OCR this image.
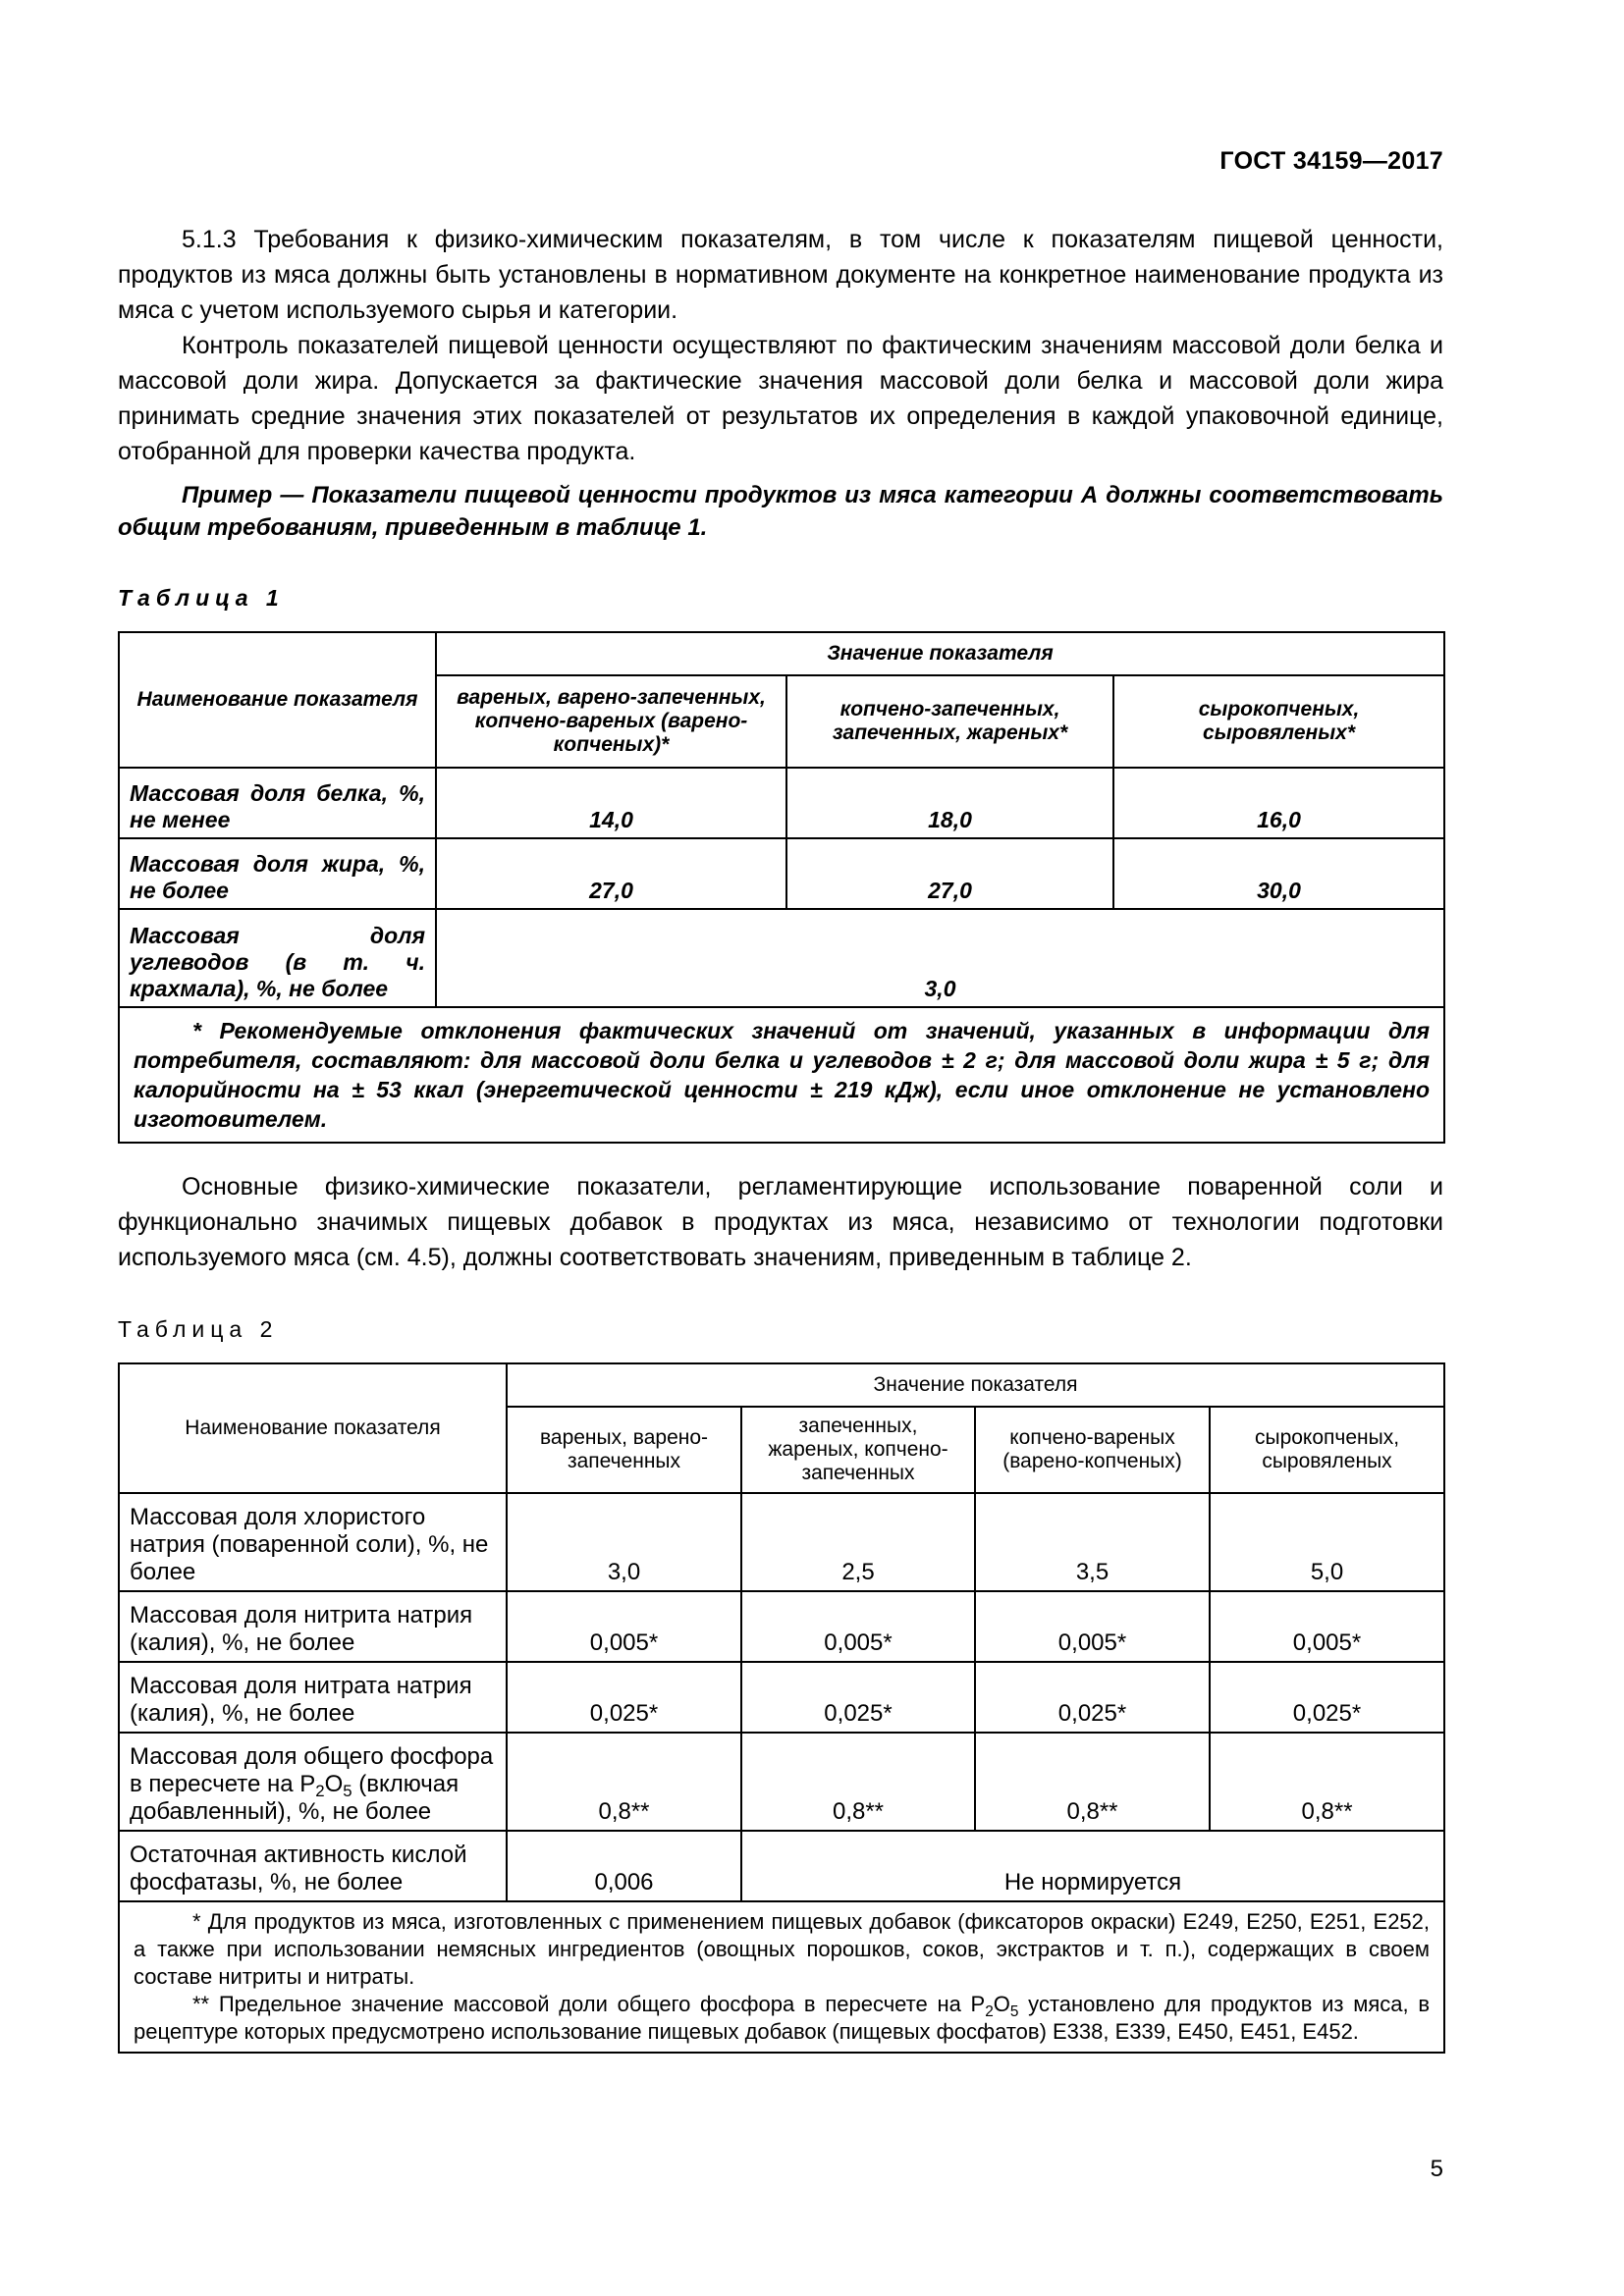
ГОСТ 34159—2017

5.1.3 Требования к физико-химическим показателям, в том числе к показателям пищевой ценности, продуктов из мяса должны быть установлены в нормативном документе на конкретное наименование продукта из мяса с учетом используемого сырья и категории.

Контроль показателей пищевой ценности осуществляют по фактическим значениям массовой доли белка и массовой доли жира. Допускается за фактические значения массовой доли белка и массовой доли жира принимать средние значения этих показателей от результатов их определения в каждой упаковочной единице, отобранной для проверки качества продукта.

Пример — Показатели пищевой ценности продуктов из мяса категории А должны соответствовать общим требованиям, приведенным в таблице 1.

Таблица 1
Наименование показателя	Значение показателя		
	вареных, варено-запеченных, копчено-вареных (варено-копченых)*	копчено-запеченных, запеченных, жареных*	сырокопченых, сыровяленых*
Массовая доля белка, %, не менее	14,0	18,0	16,0
Массовая доля жира, %, не более	27,0	27,0	30,0
Массовая доля углеводов (в т. ч. крахмала), %, не более	3,0		
* Рекомендуемые отклонения фактических значений от значений, указанных в информации для потребителя, составляют: для массовой доли белка и углеводов ± 2 г; для массовой доли жира ± 5 г; для калорийности на ± 53 ккал (энергетической ценности ± 219 кДж), если иное отклонение не установлено изготовителем.			

Основные физико-химические показатели, регламентирующие использование поваренной соли и функционально значимых пищевых добавок в продуктах из мяса, независимо от технологии подготовки используемого мяса (см. 4.5), должны соответствовать значениям, приведенным в таблице 2.

Таблица 2
Наименование показателя	Значение показателя			
	вареных, варено-запеченных	запеченных, жареных, копчено-запеченных	копчено-вареных (варено-копченых)	сырокопченых, сыровяленых
Массовая доля хлористого натрия (поваренной соли), %, не более	3,0	2,5	3,5	5,0
Массовая доля нитрита натрия (калия), %, не более	0,005*	0,005*	0,005*	0,005*
Массовая доля нитрата натрия (калия), %, не более	0,025*	0,025*	0,025*	0,025*
Массовая доля общего фосфора в пересчете на $P_2O_5$ (включая добавленный), %, не более	0,8**	0,8**	0,8**	0,8**
Остаточная активность кислой фосфатазы, %, не более	0,006	Не нормируется		

* Для продуктов из мяса, изготовленных с применением пищевых добавок (фиксаторов окраски) Е249, Е250, Е251, Е252, а также при использовании немясных ингредиентов (овощных порошков, соков, экстрактов и т. п.), содержащих в своем составе нитриты и нитраты.

** Предельное значение массовой доли общего фосфора в пересчете на $P_2O_5$ установлено для продуктов из мяса, в рецептуре которых предусмотрено использование пищевых добавок (пищевых фосфатов) Е338, Е339, Е450, Е451, Е452.				

5
